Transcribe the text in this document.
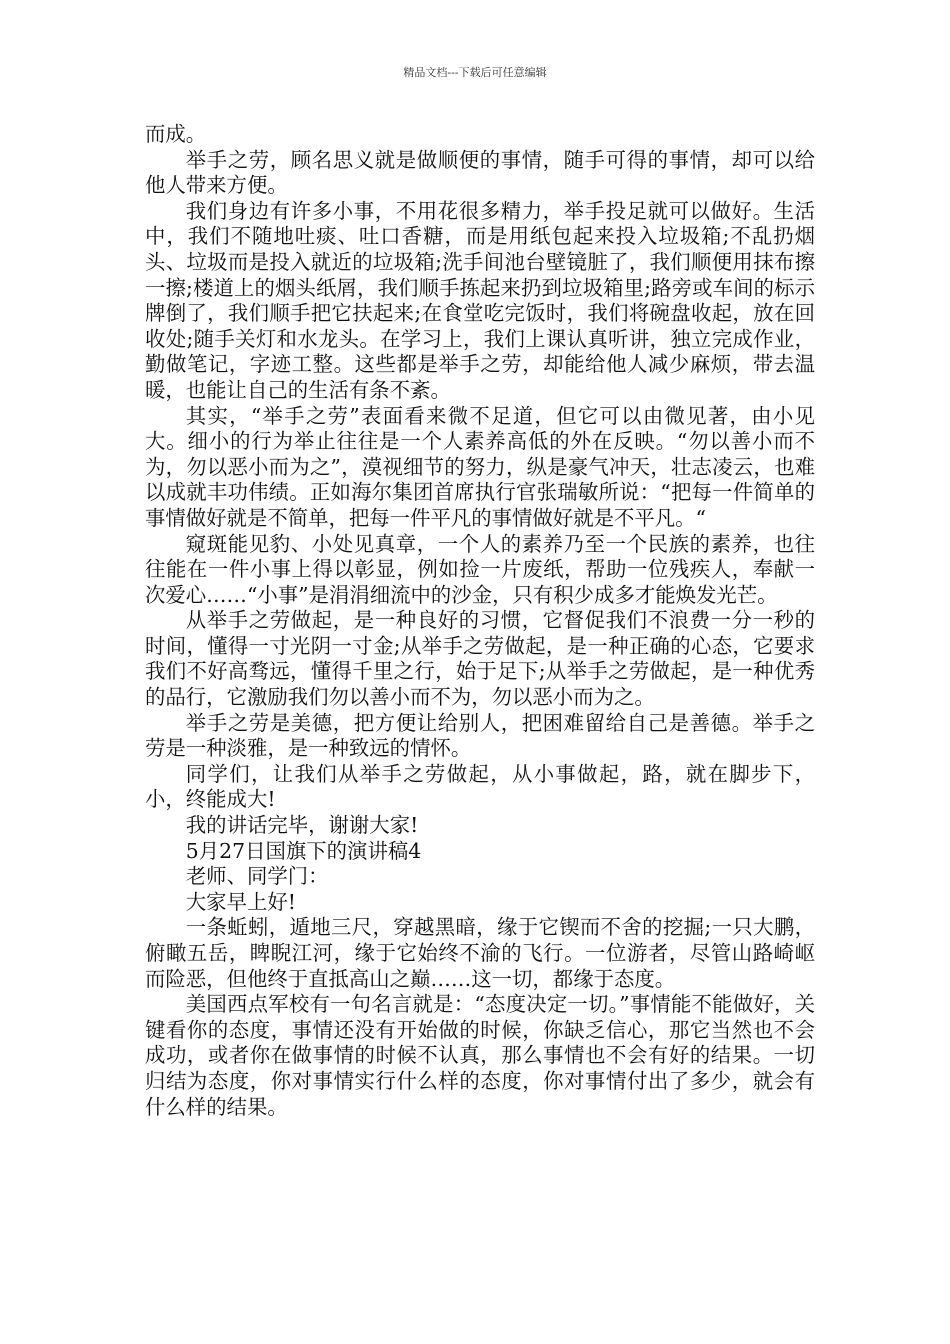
精品文档---下载后可任意编辑

而成。

举手之劳，顾名思义就是做顺便的事情，随手可得的事情，却可以给他人带来方便。

我们身边有许多小事，不用花很多精力，举手投足就可以做好。生活中，我们不随地吐痰、吐口香糖，而是用纸包起来投入垃圾箱;不乱扔烟头、垃圾而是投入就近的垃圾箱;洗手间池台壁镜脏了，我们顺便用抹布擦一擦;楼道上的烟头纸屑，我们顺手拣起来扔到垃圾箱里;路旁或车间的标示牌倒了，我们顺手把它扶起来;在食堂吃完饭时，我们将碗盘收起，放在回收处;随手关灯和水龙头。在学习上，我们上课认真听讲，独立完成作业，勤做笔记，字迹工整。这些都是举手之劳，却能给他人减少麻烦，带去温暖，也能让自己的生活有条不紊。

其实，“举手之劳”表面看来微不足道，但它可以由微见著，由小见大。细小的行为举止往往是一个人素养高低的外在反映。“勿以善小而不为，勿以恶小而为之”，漠视细节的努力，纵是豪气冲天，壮志凌云，也难以成就丰功伟绩。正如海尔集团首席执行官张瑞敏所说：“把每一件简单的事情做好就是不简单，把每一件平凡的事情做好就是不平凡。“

窥斑能见豹、小处见真章，一个人的素养乃至一个民族的素养，也往往能在一件小事上得以彰显，例如捡一片废纸，帮助一位残疾人，奉献一次爱心……“小事”是涓涓细流中的沙金，只有积少成多才能焕发光芒。

从举手之劳做起，是一种良好的习惯，它督促我们不浪费一分一秒的时间，懂得一寸光阴一寸金;从举手之劳做起，是一种正确的心态，它要求我们不好高骛远，懂得千里之行，始于足下;从举手之劳做起，是一种优秀的品行，它激励我们勿以善小而不为，勿以恶小而为之。

举手之劳是美德，把方便让给别人，把困难留给自己是善德。举手之劳是一种淡雅，是一种致远的情怀。

同学们，让我们从举手之劳做起，从小事做起，路，就在脚步下，小，终能成大!

我的讲话完毕，谢谢大家!

5月27日国旗下的演讲稿4

老师、同学门：

大家早上好!

一条蚯蚓，遁地三尺，穿越黑暗，缘于它锲而不舍的挖掘;一只大鹏，俯瞰五岳，睥睨江河，缘于它始终不渝的飞行。一位游者，尽管山路崎岖而险恶，但他终于直抵高山之巅……这一切，都缘于态度。

美国西点军校有一句名言就是：“态度决定一切。”事情能不能做好，关键看你的态度，事情还没有开始做的时候，你缺乏信心，那它当然也不会成功，或者你在做事情的时候不认真，那么事情也不会有好的结果。一切归结为态度，你对事情实行什么样的态度，你对事情付出了多少，就会有什么样的结果。
